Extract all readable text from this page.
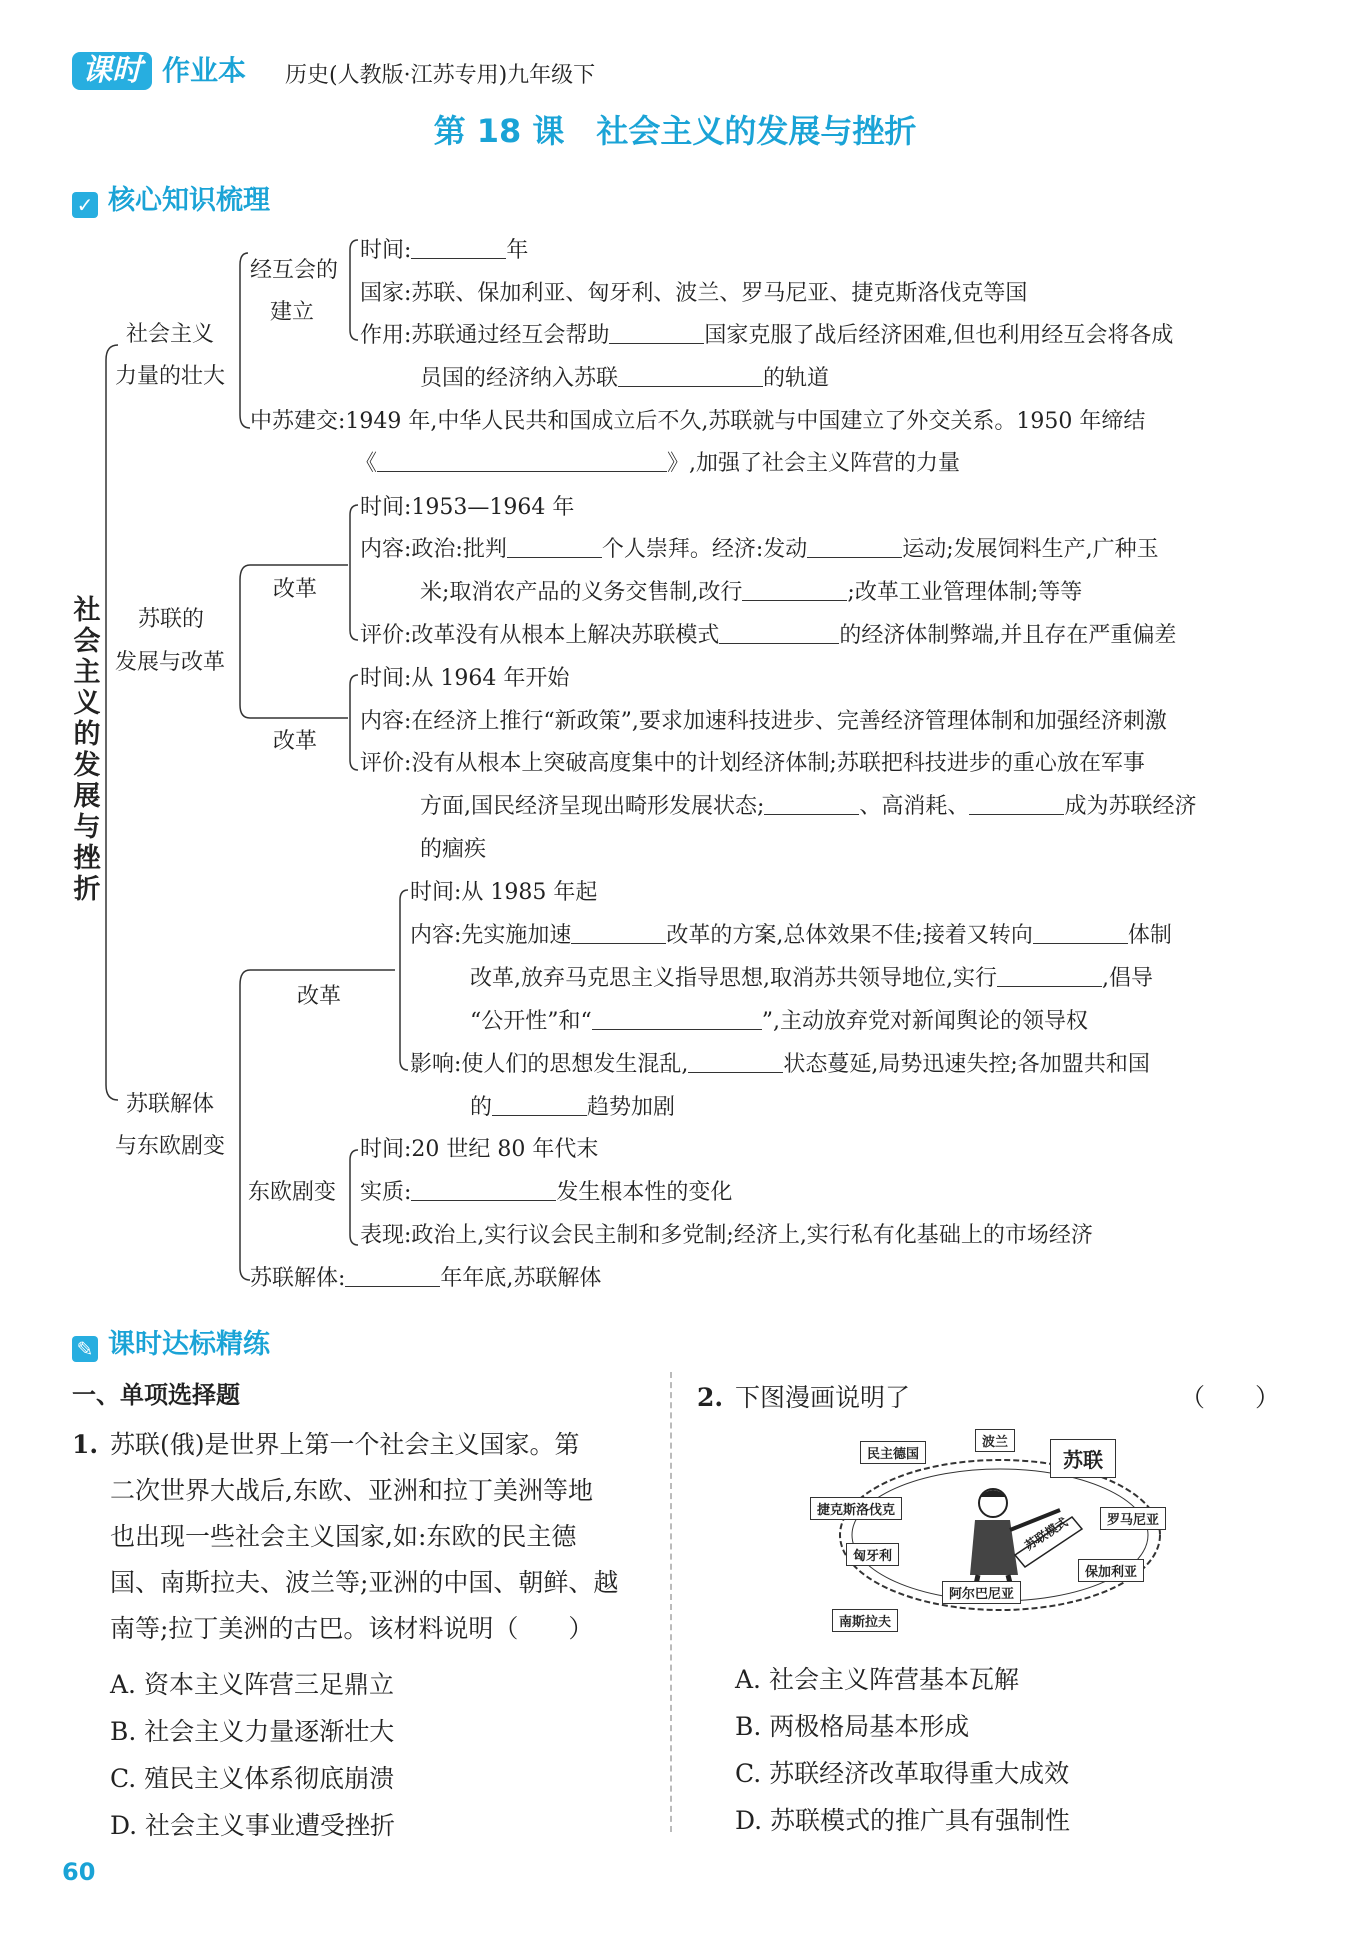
课时 作业本 历史(人教版·江苏专用)九年级下
第 18 课　社会主义的发展与挫折
✓ 核心知识梳理
社会主义的发展与挫折
社会主义
力量的壮大
经互会的
建立
时间:	年
国家:苏联、保加利亚、匈牙利、波兰、罗马尼亚、捷克斯洛伐克等国
作用:苏联通过经互会帮助	国家克服了战后经济困难,但也利用经互会将各成
员国的经济纳入苏联	的轨道
中苏建交:1949 年,中华人民共和国成立后不久,苏联就与中国建立了外交关系。1950 年缔结
《	》,加强了社会主义阵营的力量
苏联的
发展与改革
改革
改革
时间:1953—1964 年
内容:政治:批判	个人崇拜。经济:发动	运动;发展饲料生产,广种玉
米;取消农产品的义务交售制,改行	;改革工业管理体制;等等
评价:改革没有从根本上解决苏联模式	的经济体制弊端,并且存在严重偏差
时间:从 1964 年开始
内容:在经济上推行“新政策”,要求加速科技进步、完善经济管理体制和加强经济刺激
评价:没有从根本上突破高度集中的计划经济体制;苏联把科技进步的重心放在军事
方面,国民经济呈现出畸形发展状态;	、高消耗、	成为苏联经济
的痼疾
苏联解体
与东欧剧变
改革
时间:从 1985 年起
内容:先实施加速	改革的方案,总体效果不佳;接着又转向	体制
改革,放弃马克思主义指导思想,取消苏共领导地位,实行	,倡导
“公开性”和“	”,主动放弃党对新闻舆论的领导权
影响:使人们的思想发生混乱,	状态蔓延,局势迅速失控;各加盟共和国
的	趋势加剧
东欧剧变
时间:20 世纪 80 年代末
实质:	发生根本性的变化
表现:政治上,实行议会民主制和多党制;经济上,实行私有化基础上的市场经济
苏联解体:	年年底,苏联解体
✎ 课时达标精练
一、单项选择题
1. 苏联(俄)是世界上第一个社会主义国家。第
二次世界大战后,东欧、亚洲和拉丁美洲等地
也出现一些社会主义国家,如:东欧的民主德
国、南斯拉夫、波兰等;亚洲的中国、朝鲜、越
南等;拉丁美洲的古巴。该材料说明（　　）
A. 资本主义阵营三足鼎立
B. 社会主义力量逐渐壮大
C. 殖民主义体系彻底崩溃
D. 社会主义事业遭受挫折
2. 下图漫画说明了	（　　）
民主德国
波兰
苏联
捷克斯洛伐克
罗马尼亚
匈牙利
保加利亚
阿尔巴尼亚
南斯拉夫
苏联模式
A. 社会主义阵营基本瓦解
B. 两极格局基本形成
C. 苏联经济改革取得重大成效
D. 苏联模式的推广具有强制性
60
